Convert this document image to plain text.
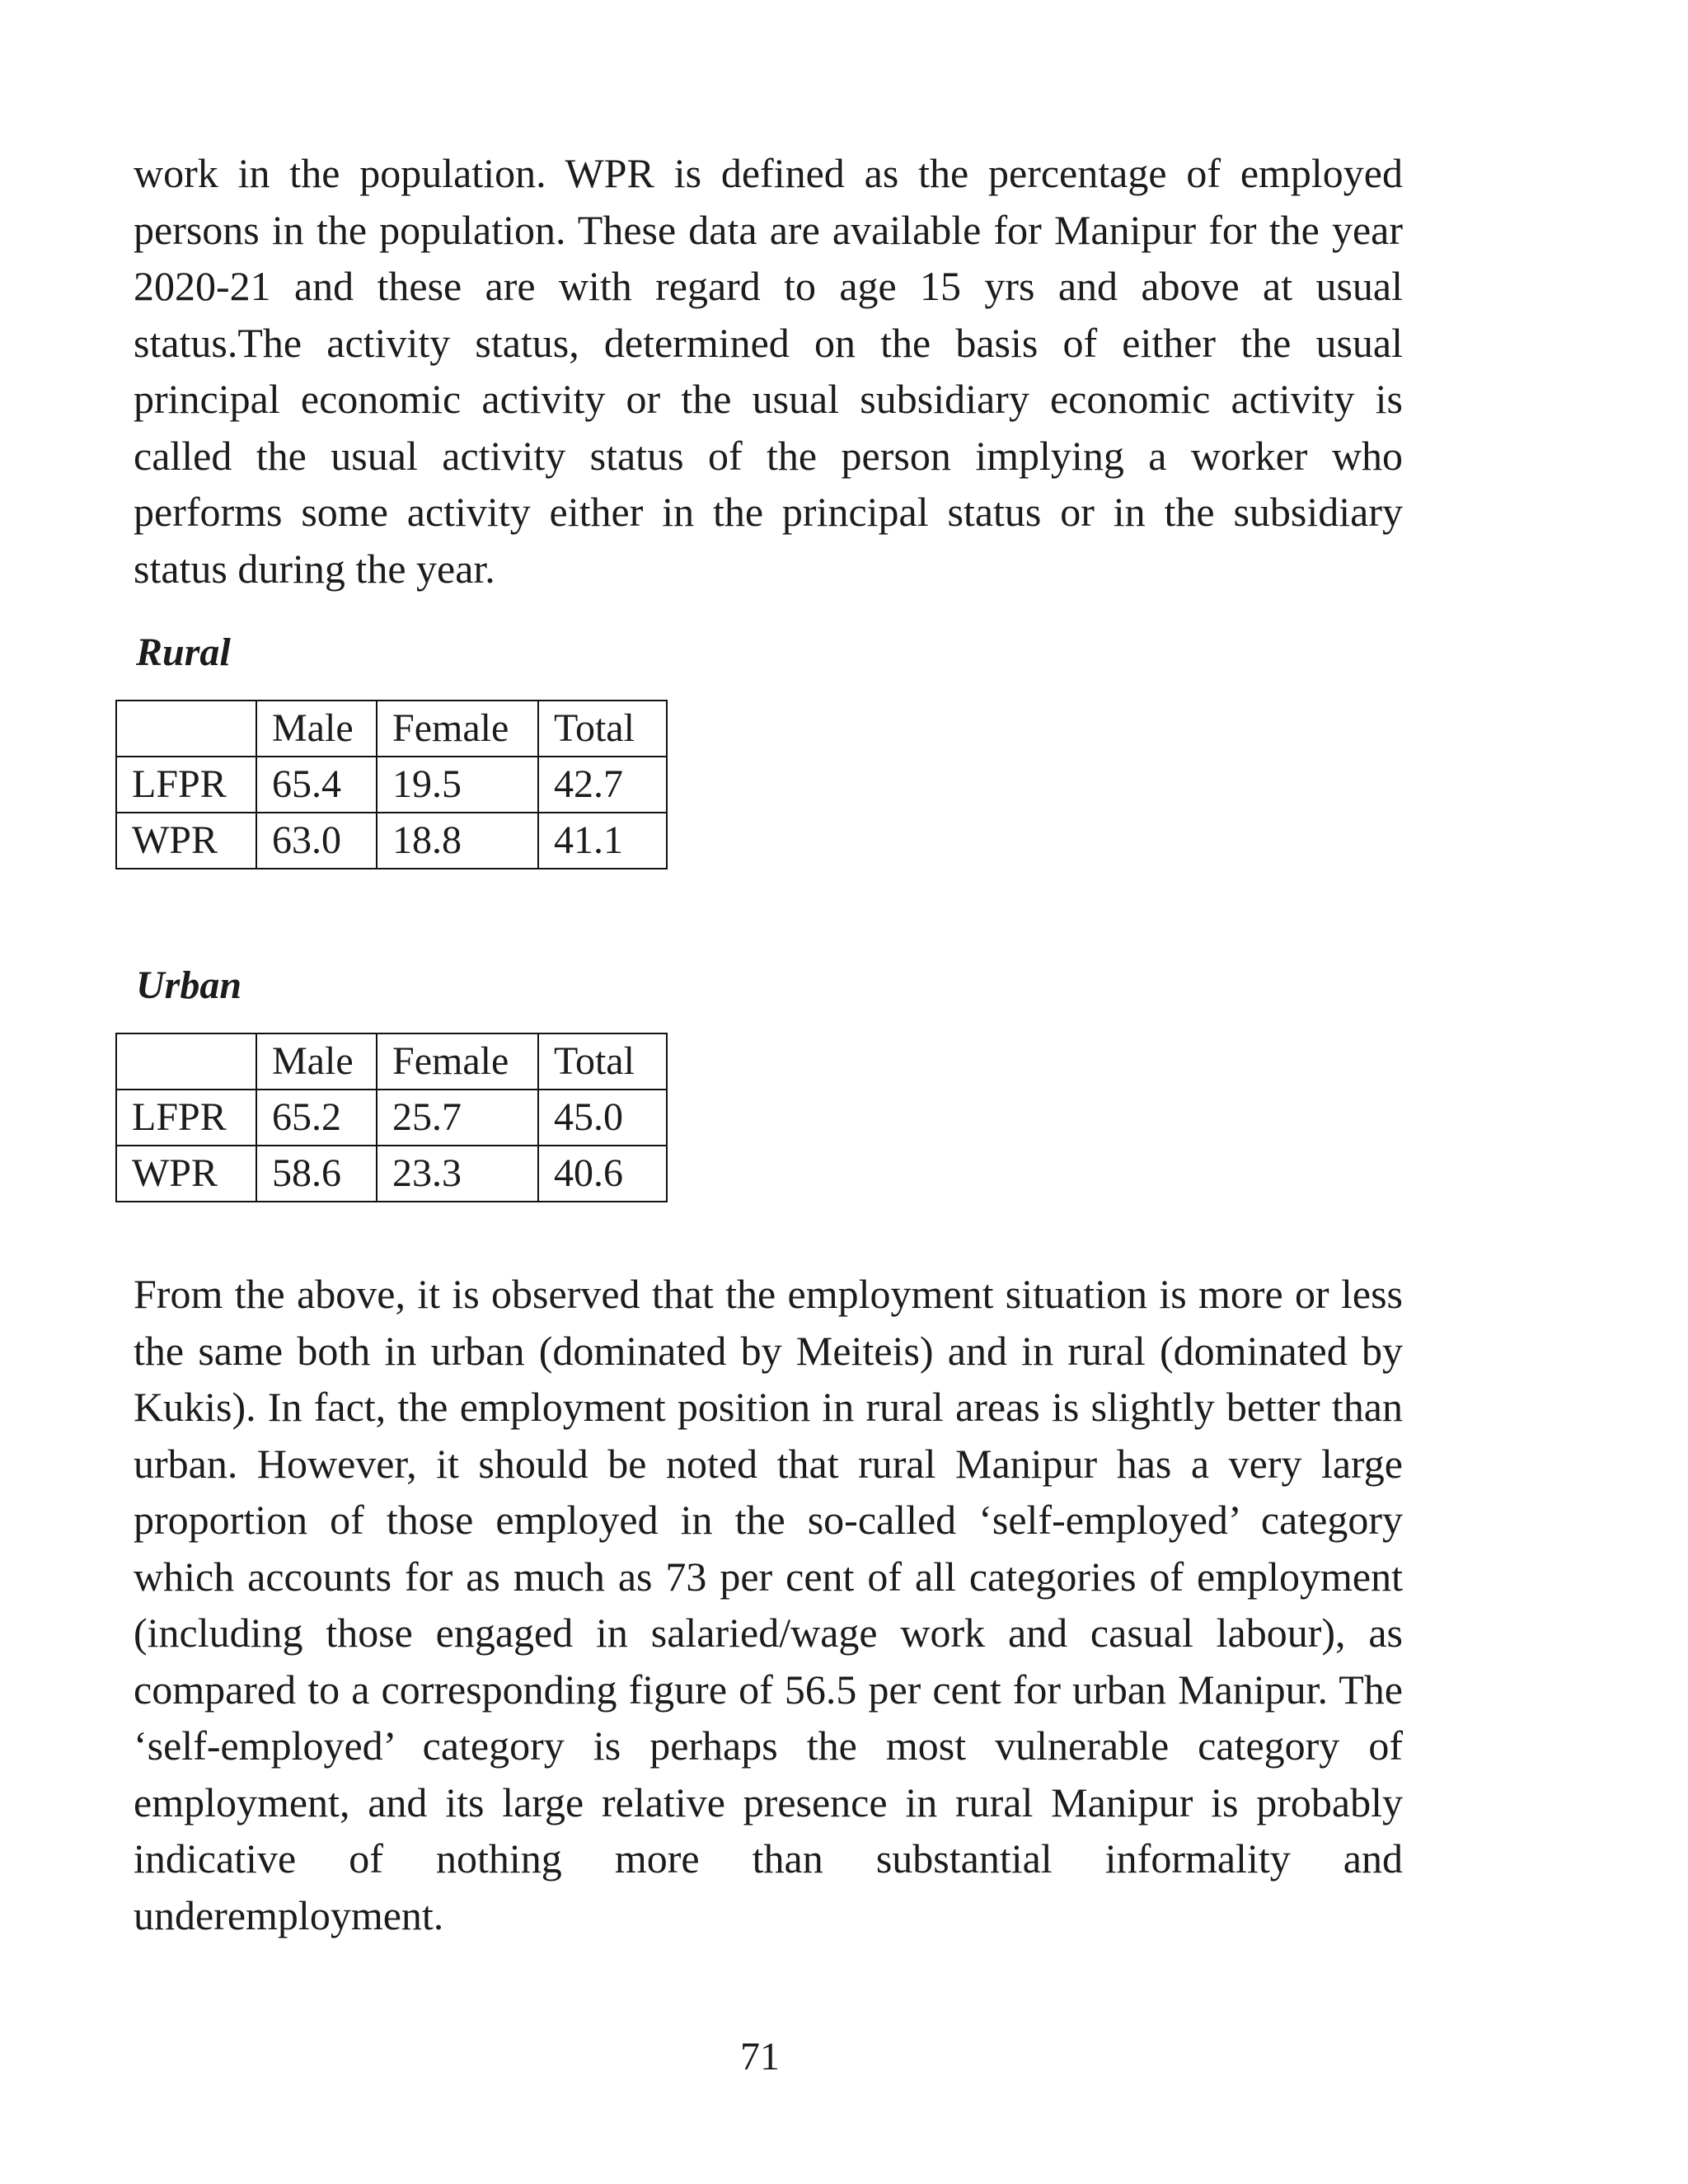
work in the population. WPR is defined as the percentage of employed persons in the population. These data are available for Manipur for the year 2020-21 and these are with regard to age 15 yrs and above at usual status.The activity status, determined on the basis of either the usual principal economic activity or the usual subsidiary economic activity is called the usual activity status of the person implying a worker who performs some activity either in the principal status or in the subsidiary status during the year.

Rural
	Male	Female	Total
LFPR	65.4	19.5	42.7
WPR	63.0	18.8	41.1
Urban
	Male	Female	Total
LFPR	65.2	25.7	45.0
WPR	58.6	23.3	40.6

From the above, it is observed that the employment situation is more or less the same both in urban (dominated by Meiteis) and in rural (dominated by Kukis). In fact, the employment position in rural areas is slightly better than urban. However, it should be noted that rural Manipur has a very large proportion of those employed in the so-called ‘self-employed’ category which accounts for as much as 73 per cent of all categories of employment (including those engaged in salaried/wage work and casual labour), as compared to a corresponding figure of 56.5 per cent for urban Manipur. The ‘self-employed’ category is perhaps the most vulnerable category of employment, and its large relative presence in rural Manipur is probably indicative of nothing more than substantial informality and underemployment.

71
